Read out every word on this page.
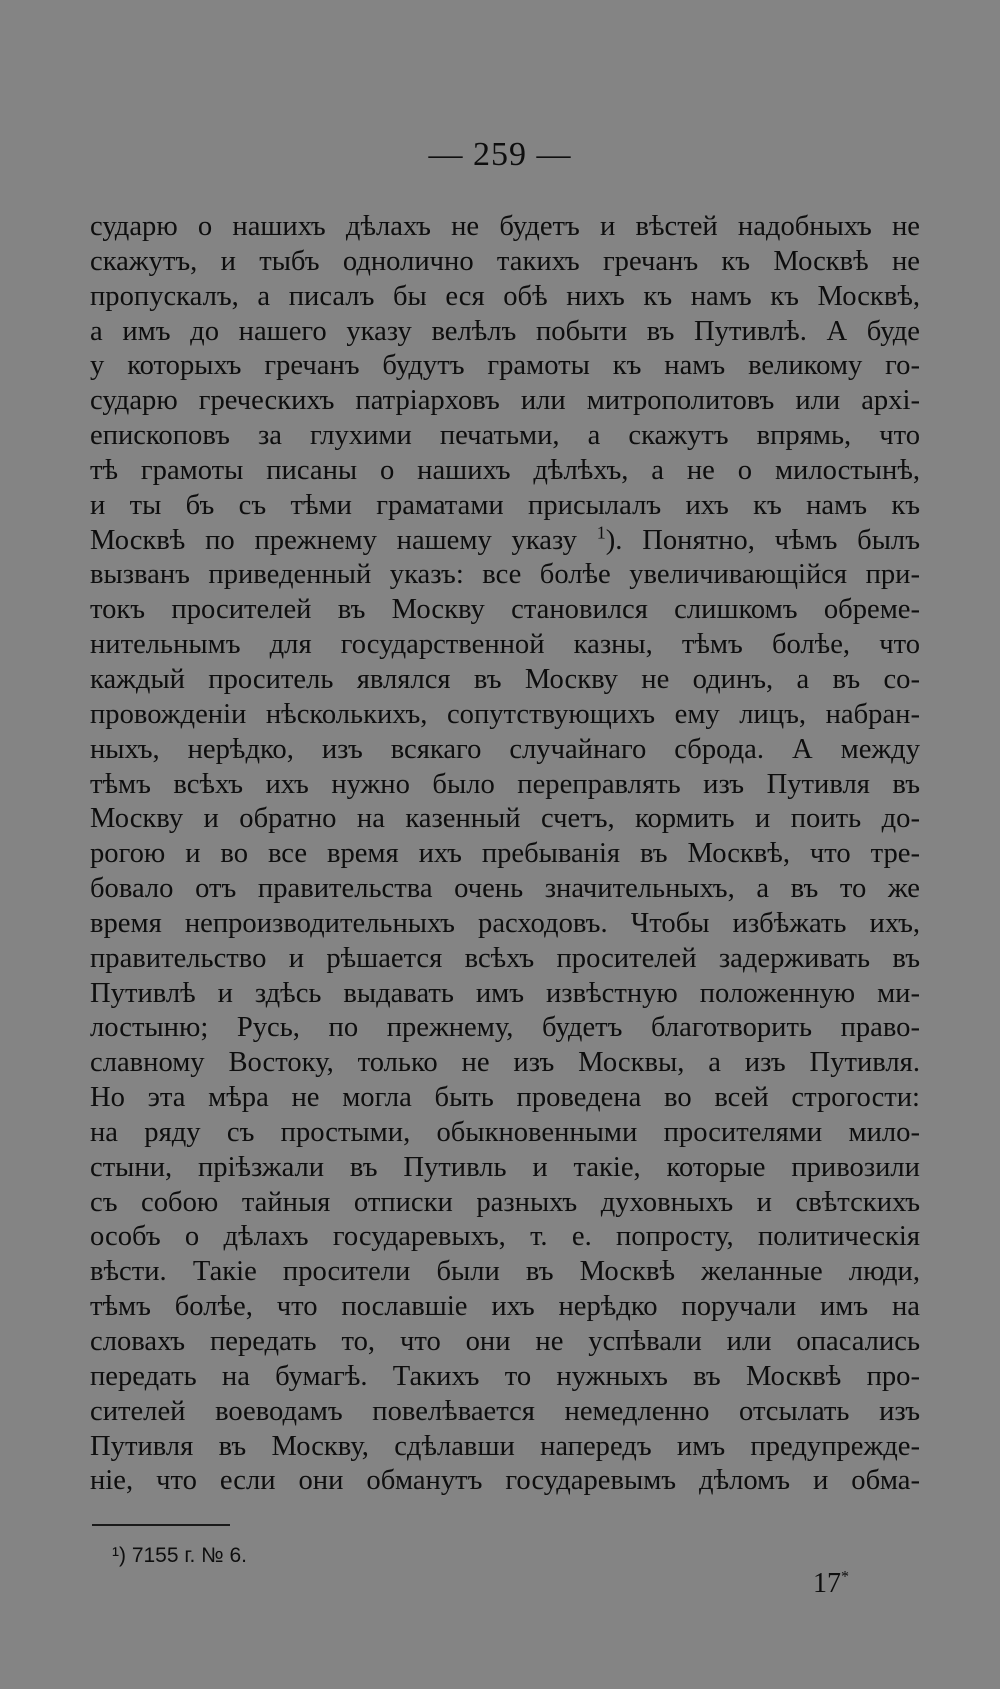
— 259 —
сударю о нашихъ дѣлахъ не будетъ и вѣстей надобныхъ не
скажутъ, и тыбъ однолично такихъ гречанъ къ Москвѣ не
пропускалъ, а писалъ бы еся обѣ нихъ къ намъ къ Москвѣ,
а имъ до нашего указу велѣлъ побыти въ Путивлѣ. А буде
у которыхъ гречанъ будутъ грамоты къ намъ великому го-
сударю греческихъ патріарховъ или митрополитовъ или архі-
епископовъ за глухими печатьми, а скажутъ впрямь, что
тѣ грамоты писаны о нашихъ дѣлѣхъ, а не о милостынѣ,
и ты бъ съ тѣми граматами присылалъ ихъ къ намъ къ
Москвѣ по прежнему нашему указу $^1$). Понятно, чѣмъ былъ
вызванъ приведенный указъ: все болѣе увеличивающійся при-
токъ просителей въ Москву становился слишкомъ обреме-
нительнымъ для государственной казны, тѣмъ болѣе, что
каждый проситель являлся въ Москву не одинъ, а въ со-
провожденіи нѣсколькихъ, сопутствующихъ ему лицъ, набран-
ныхъ, нерѣдко, изъ всякаго случайнаго сброда. А между
тѣмъ всѣхъ ихъ нужно было переправлять изъ Путивля въ
Москву и обратно на казенный счетъ, кормить и поить до-
рогою и во все время ихъ пребыванія въ Москвѣ, что тре-
бовало отъ правительства очень значительныхъ, а въ то же
время непроизводительныхъ расходовъ. Чтобы избѣжать ихъ,
правительство и рѣшается всѣхъ просителей задерживать въ
Путивлѣ и здѣсь выдавать имъ извѣстную положенную ми-
лостыню; Русь, по прежнему, будетъ благотворить право-
славному Востоку, только не изъ Москвы, а изъ Путивля.
Но эта мѣра не могла быть проведена во всей строгости:
на ряду съ простыми, обыкновенными просителями мило-
стыни, пріѣзжали въ Путивль и такіе, которые привозили
съ собою тайныя отписки разныхъ духовныхъ и свѣтскихъ
особъ о дѣлахъ государевыхъ, т. е. попросту, политическія
вѣсти. Такіе просители были въ Москвѣ желанные люди,
тѣмъ болѣе, что пославшіе ихъ нерѣдко поручали имъ на
словахъ передать то, что они не успѣвали или опасались
передать на бумагѣ. Такихъ то нужныхъ въ Москвѣ про-
сителей воеводамъ повелѣвается немедленно отсылать изъ
Путивля въ Москву, сдѣлавши напередъ имъ предупрежде-
ніе, что если они обманутъ государевымъ дѣломъ и обма-
¹) 7155 г. № 6.
17*
